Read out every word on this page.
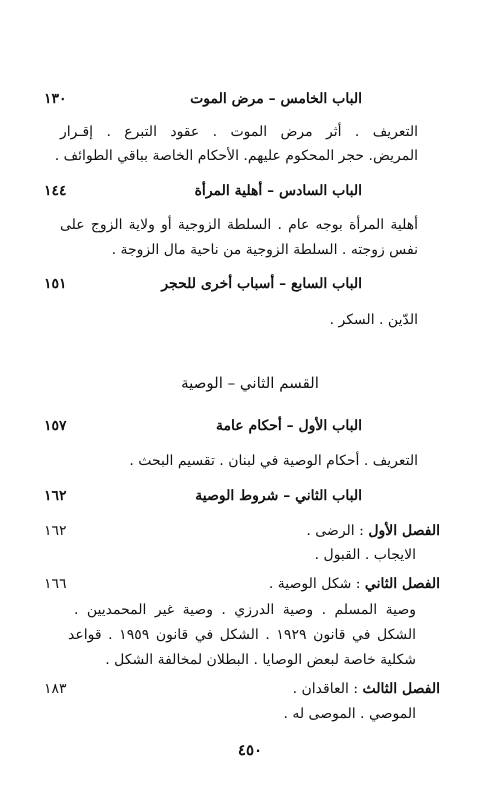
الباب الخامس – مرض الموت
١٣٠
التعريف . أثر مرض الموت . عقود التبرع . إقـرار
المريض. حجر المحكوم عليهم. الأحكام الخاصة بباقي الطوائف .
الباب السادس – أهلية المرأة
١٤٤
أهلية المرأة بوجه عام . السلطة الزوجية أو ولاية الزوج على
نفس زوجته . السلطة الزوجية من ناحية مال الزوجة .
الباب السابع – أسباب أخرى للحجر
١٥١
الدّين . السكر .
القسم الثاني – الوصية
الباب الأول – أحكام عامة
١٥٧
التعريف . أحكام الوصية في لبنان . تقسيم البحث .
الباب الثاني – شروط الوصية
١٦٢
الفصل الأول : الرضى .
١٦٢
الايجاب . القبول .
الفصل الثاني : شكل الوصية .
١٦٦
وصية المسلم . وصية الدرزي . وصية غير المحمديين .
الشكل في قانون ١٩٢٩ . الشكل في قانون ١٩٥٩ . قواعد
شكلية خاصة لبعض الوصايا . البطلان لمخالفة الشكل .
الفصل الثالث : العاقدان .
١٨٣
الموصي . الموصى له .
٤٥٠
